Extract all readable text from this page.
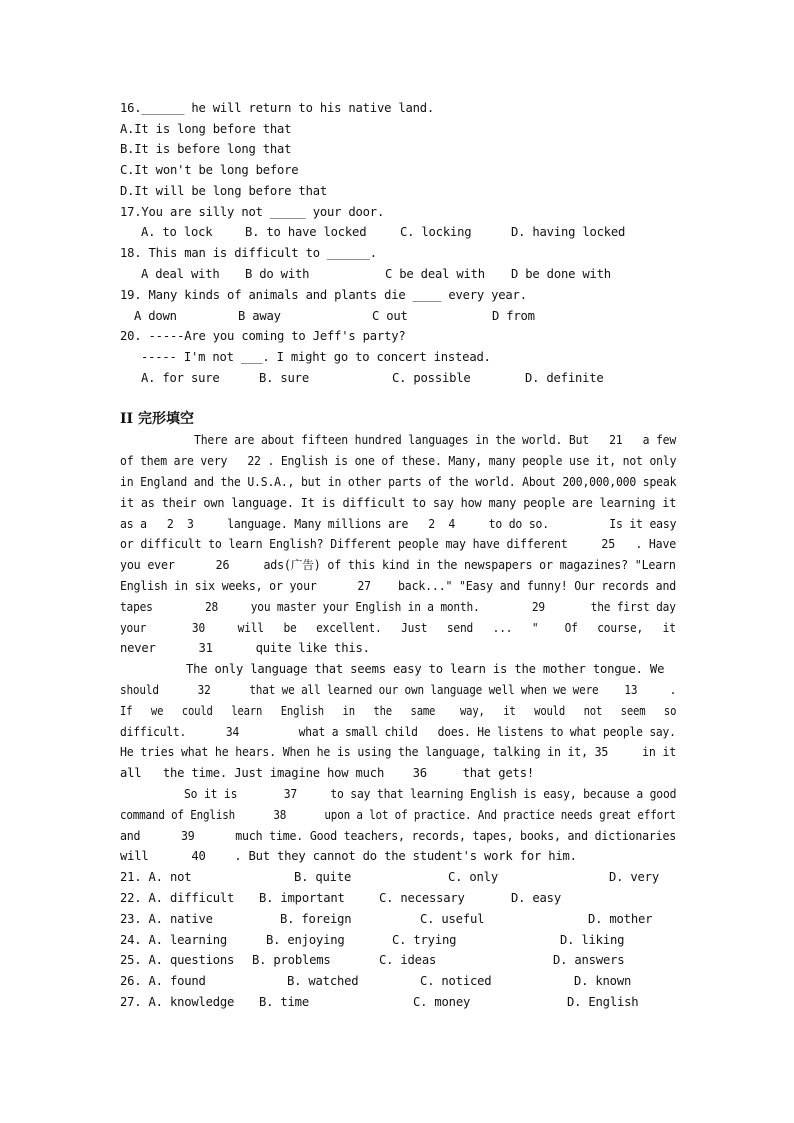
16.______ he will return to his native land.
A.It is long before that
B.It is before long that
C.It won't be long before
D.It will be long before that
17.You are silly not _____ your door.
A. to lock	B. to have locked	C. locking	D. having locked
18. This man is difficult to ______.
A deal with B do with	C be deal with D be done with
19. Many kinds of animals and plants die ____ every year.
A down	B away	C out	D from
20. -----Are you coming to Jeff's party?
----- I'm not ___. I might go to concert instead.
A. for sure	B. sure	C. possible	D. definite
II 完形填空
There are about fifteen hundred languages in the world. But   21   a few
of them are very   22 . English is one of these. Many, many people use it, not only
in England and the U.S.A., but in other parts of the world. About 200,000,000 speak
it as their own language. It is difficult to say how many people are learning it
as a   2  3     language. Many millions are   2  4     to do so.         Is it easy
or difficult to learn English? Different people may have different     25   . Have
you ever      26     ads(广告) of this kind in the newspapers or magazines? "Learn
English in six weeks, or your      27    back..." "Easy and funny! Our records and
tapes        28     you master your English in a month.        29       the first day
your       30     will   be   excellent.   Just   send   ...   "    Of   course,   it
never      31      quite like this.
The only language that seems easy to learn is the mother tongue. We
should      32      that we all learned our own language well when we were    13     .
If   we   could   learn   English   in   the   same    way,   it   would   not   seem   so
difficult.      34         what a small child   does. He listens to what people say.
He tries what he hears. When he is using the language, talking in it, 35     in it
all   the time. Just imagine how much    36     that gets!
So it is       37     to say that learning English is easy, because a good
command of English      38      upon a lot of practice. And practice needs great effort
and      39      much time. Good teachers, records, tapes, books, and dictionaries
will      40    . But they cannot do the student's work for him.
21. A. not	B. quite	C. only	D. very
22. A. difficult B. important	C. necessary	D. easy
23. A. native	B. foreign	C. useful	D. mother
24. A. learning	B. enjoying	C. trying	D. liking
25. A. questions B. problems	C. ideas	D. answers
26. A. found	B. watched	C. noticed	D. known
27. A. knowledge B. time	C. money	D. English
